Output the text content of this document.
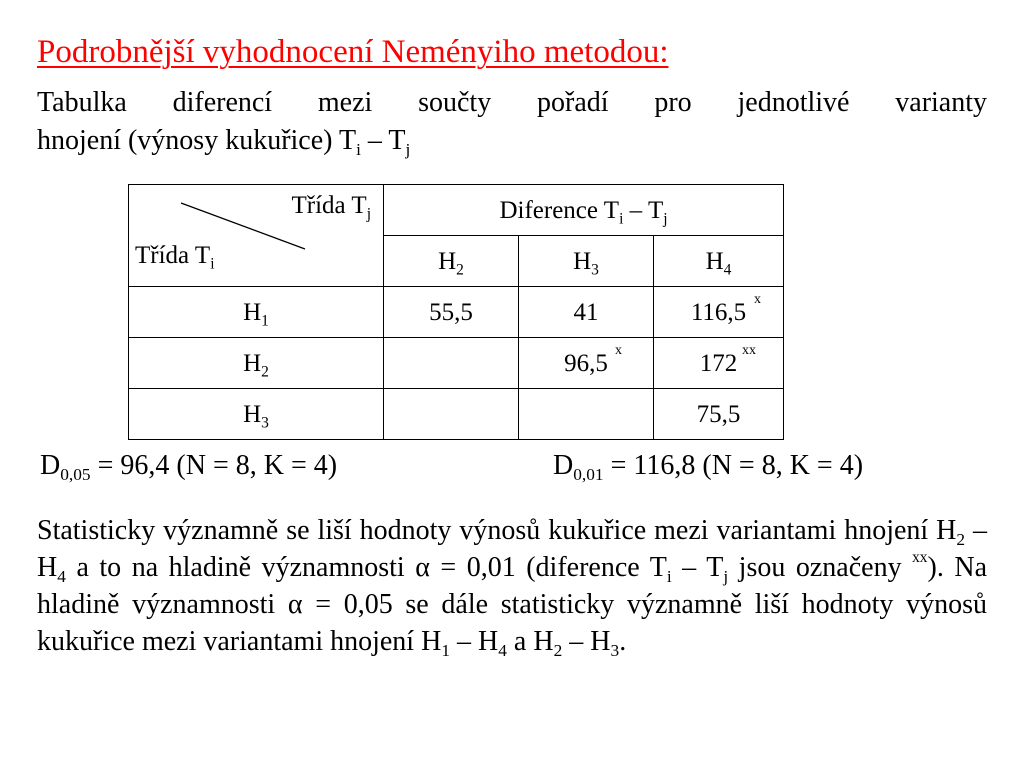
Podrobnější vyhodnocení Neményiho metodou:
Tabulka diferencí mezi součty pořadí pro jednotlivé varianty
hnojení (výnosy kukuřice) $T_i - T_j$
Třída $T_j$
Třída $T_i$	Diference $T_i - T_j$
	$H_2$	$H_3$	$H_4$
$H_1$	55,5	41	116,5 x

$H_2$		96,5 x	172 xx

$H_3$			75,5
$D_{0,05} = 96,4$ (N = 8, K = 4)	$D_{0,01} = 116,8$ (N = 8, K = 4)
Statisticky významně se liší hodnoty výnosů kukuřice mezi variantami hnojení $H_2 - H_4$ a to na hladině významnosti α = 0,01 (diference $T_i - T_j$ jsou označeny $^{xx}$). Na hladině významnosti α = 0,05 se dále statisticky významně liší hodnoty výnosů kukuřice mezi variantami hnojení $H_1 - H_4$ a $H_2 - H_3$.
